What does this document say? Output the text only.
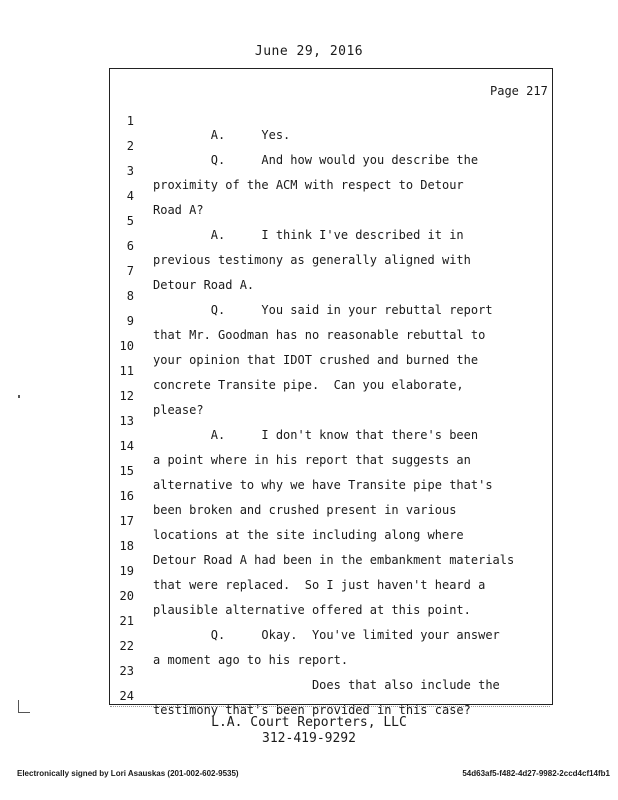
June 29, 2016
Page 217

1

A.     Yes.

2

Q.     And how would you describe the

3

proximity of the ACM with respect to Detour

4

Road A?

5

A.     I think I've described it in

6

previous testimony as generally aligned with

7

Detour Road A.

8

Q.     You said in your rebuttal report

9

that Mr. Goodman has no reasonable rebuttal to

10

your opinion that IDOT crushed and burned the

11

concrete Transite pipe.  Can you elaborate,

12

please?

13

A.     I don't know that there's been

14

a point where in his report that suggests an

15

alternative to why we have Transite pipe that's

16

been broken and crushed present in various

17

locations at the site including along where

18

Detour Road A had been in the embankment materials

19

that were replaced.  So I just haven't heard a

20

plausible alternative offered at this point.

21

Q.     Okay.  You've limited your answer

22

a moment ago to his report.

23

Does that also include the

24

testimony that's been provided in this case?

L.A. Court Reporters, LLC
312-419-9292
Electronically signed by Lori Asauskas (201-002-602-9535)	54d63af5-f482-4d27-9982-2ccd4cf14fb1
